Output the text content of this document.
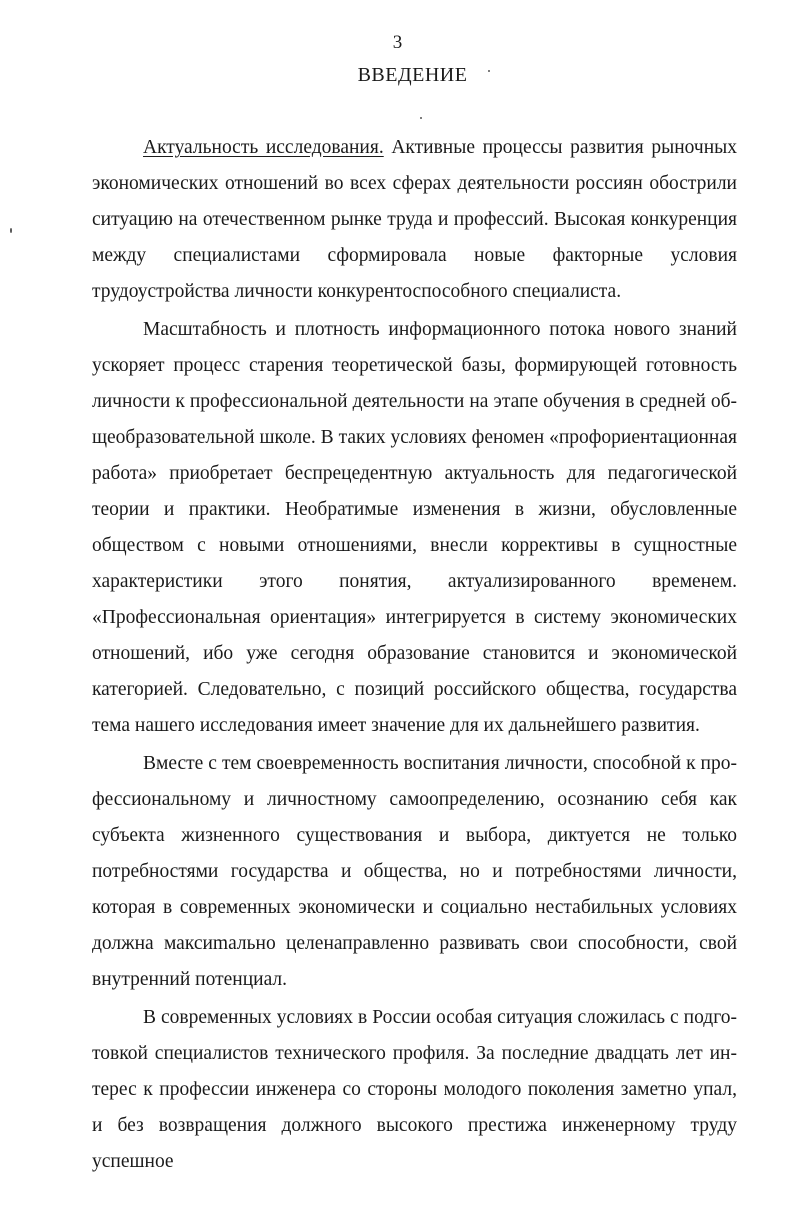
3

ВВЕДЕНИЕ

Актуальность исследования. Активные процессы развития рыночных экономических отношений во всех сферах деятельности россиян обострили ситуацию на отечественном рынке труда и профессий. Высокая конкуренция между специалистами сформировала новые факторные условия трудоустройства личности конкурентоспособного специалиста.

Масштабность и плотность информационного потока нового знаний ускоряет процесс старения теоретической базы, формирующей готовность личности к профессиональной деятельности на этапе обучения в средней общеобразовательной школе. В таких условиях феномен «профориентационная работа» приобретает беспрецедентную актуальность для педагогической теории и практики. Необратимые изменения в жизни, обусловленные обществом с новыми отношениями, внесли коррективы в сущностные характеристики этого понятия, актуализированного временем. «Профессиональная ориентация» интегрируется в систему экономических отношений, ибо уже сегодня образование становится и экономической категорией. Следовательно, с позиций российского общества, государства тема нашего исследования имеет значение для их дальнейшего развития.

Вместе с тем своевременность воспитания личности, способной к профессиональному и личностному самоопределению, осознанию себя как субъекта жизненного существования и выбора, диктуется не только потребностями государства и общества, но и потребностями личности, которая в современных экономически и социально нестабильных условиях должна максиmально целенаправленно развивать свои способности, свой внутренний потенциал.

В современных условиях в России особая ситуация сложилась с подготовкой специалистов технического профиля. За последние двадцать лет интерес к профессии инженера со стороны молодого поколения заметно упал, и без возвращения должного высокого престижа инженерному труду успешное
